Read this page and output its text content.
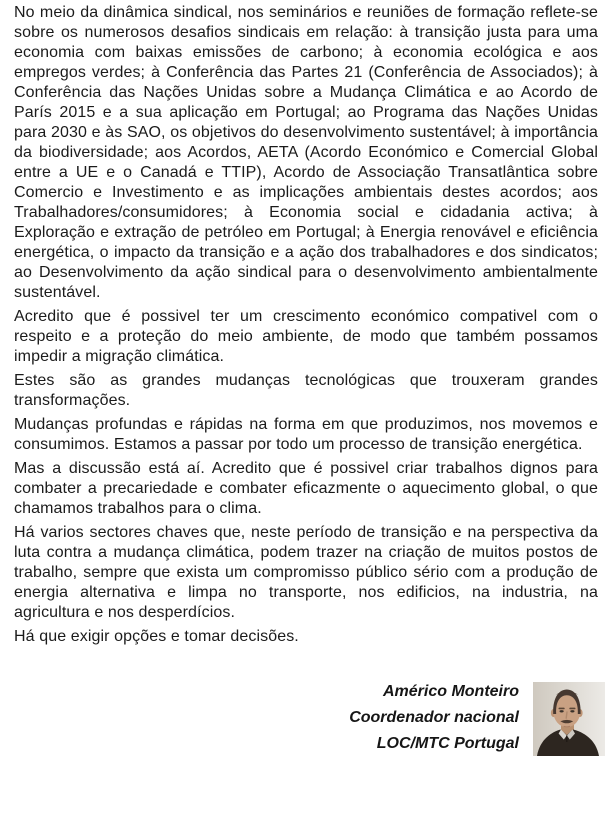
No meio da dinâmica sindical, nos seminários e reuniões de formação reflete-se sobre os numerosos desafios sindicais em relação: à transição justa para uma economia com baixas emissões de carbono; à economia ecológica e aos empregos verdes; à Conferência das Partes 21 (Conferência de Associados); à Conferência das Nações Unidas sobre a Mudança Climática e ao Acordo de París 2015 e a sua aplicação em Portugal; ao Programa das Nações Unidas para 2030 e às SAO, os objetivos do desenvolvimento sustentável; à importância da biodiversidade; aos Acordos, AETA (Acordo Económico e Comercial Global entre a UE e o Canadá e TTIP), Acordo de Associação Transatlântica sobre Comercio e Investimento e as implicações ambientais destes acordos; aos Trabalhadores/consumidores; à Economia social e cidadania activa; à Exploração e extração de petróleo em Portugal; à Energia renovável e eficiência energética, o impacto da transição e a ação dos trabalhadores e dos sindicatos; ao Desenvolvimento da ação sindical para o desenvolvimento ambientalmente sustentável.

Acredito que é possivel ter um crescimento económico compativel com o respeito e a proteção do meio ambiente, de modo que também possamos impedir a migração climática.

Estes são as grandes mudanças tecnológicas que trouxeram grandes transformações.

Mudanças profundas e rápidas na forma em que produzimos, nos movemos e consumimos. Estamos a passar por todo um processo de transição energética.

Mas a discussão está aí. Acredito que é possivel criar trabalhos dignos para combater a precariedade e combater eficazmente o aquecimento global, o que chamamos trabalhos para o clima.

Há varios sectores chaves que, neste período de transição e na perspectiva da luta contra a mudança climática, podem trazer na criação de muitos postos de trabalho, sempre que exista um compromisso público sério com a produção de energia alternativa e limpa no transporte, nos edificios, na industria, na agricultura e nos desperdícios.

Há que exigir opções e tomar decisões.

Américo Monteiro
Coordenador nacional
LOC/MTC Portugal
